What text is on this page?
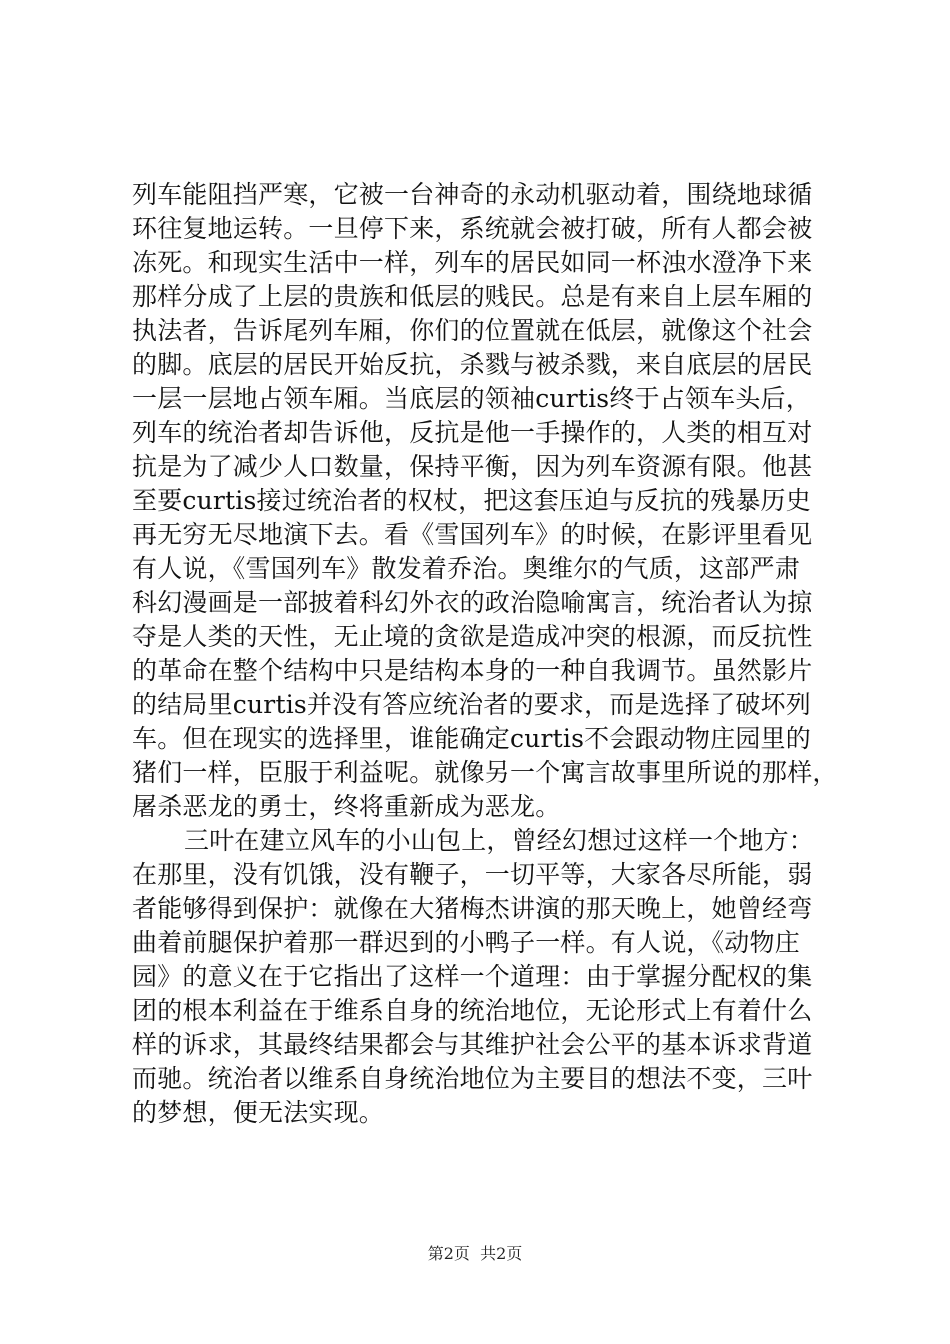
列车能阻挡严寒，它被一台神奇的永动机驱动着，围绕地球循
环往复地运转。一旦停下来，系统就会被打破，所有人都会被
冻死。和现实生活中一样，列车的居民如同一杯浊水澄净下来
那样分成了上层的贵族和低层的贱民。总是有来自上层车厢的
执法者，告诉尾列车厢，你们的位置就在低层，就像这个社会
的脚。底层的居民开始反抗，杀戮与被杀戮，来自底层的居民
一层一层地占领车厢。当底层的领袖curtis终于占领车头后，
列车的统治者却告诉他，反抗是他一手操作的，人类的相互对
抗是为了减少人口数量，保持平衡，因为列车资源有限。他甚
至要curtis接过统治者的权杖，把这套压迫与反抗的残暴历史
再无穷无尽地演下去。看《雪国列车》的时候，在影评里看见
有人说，《雪国列车》散发着乔治。奥维尔的气质，这部严肃
科幻漫画是一部披着科幻外衣的政治隐喻寓言，统治者认为掠
夺是人类的天性，无止境的贪欲是造成冲突的根源，而反抗性
的革命在整个结构中只是结构本身的一种自我调节。虽然影片
的结局里curtis并没有答应统治者的要求，而是选择了破坏列
车。但在现实的选择里，谁能确定curtis不会跟动物庄园里的
猪们一样，臣服于利益呢。就像另一个寓言故事里所说的那样，
屠杀恶龙的勇士，终将重新成为恶龙。
三叶在建立风车的小山包上，曾经幻想过这样一个地方：
在那里，没有饥饿，没有鞭子，一切平等，大家各尽所能，弱
者能够得到保护：就像在大猪梅杰讲演的那天晚上，她曾经弯
曲着前腿保护着那一群迟到的小鸭子一样。有人说，《动物庄
园》的意义在于它指出了这样一个道理：由于掌握分配权的集
团的根本利益在于维系自身的统治地位，无论形式上有着什么
样的诉求，其最终结果都会与其维护社会公平的基本诉求背道
而驰。统治者以维系自身统治地位为主要目的想法不变，三叶
的梦想，便无法实现。
第2页  共2页
